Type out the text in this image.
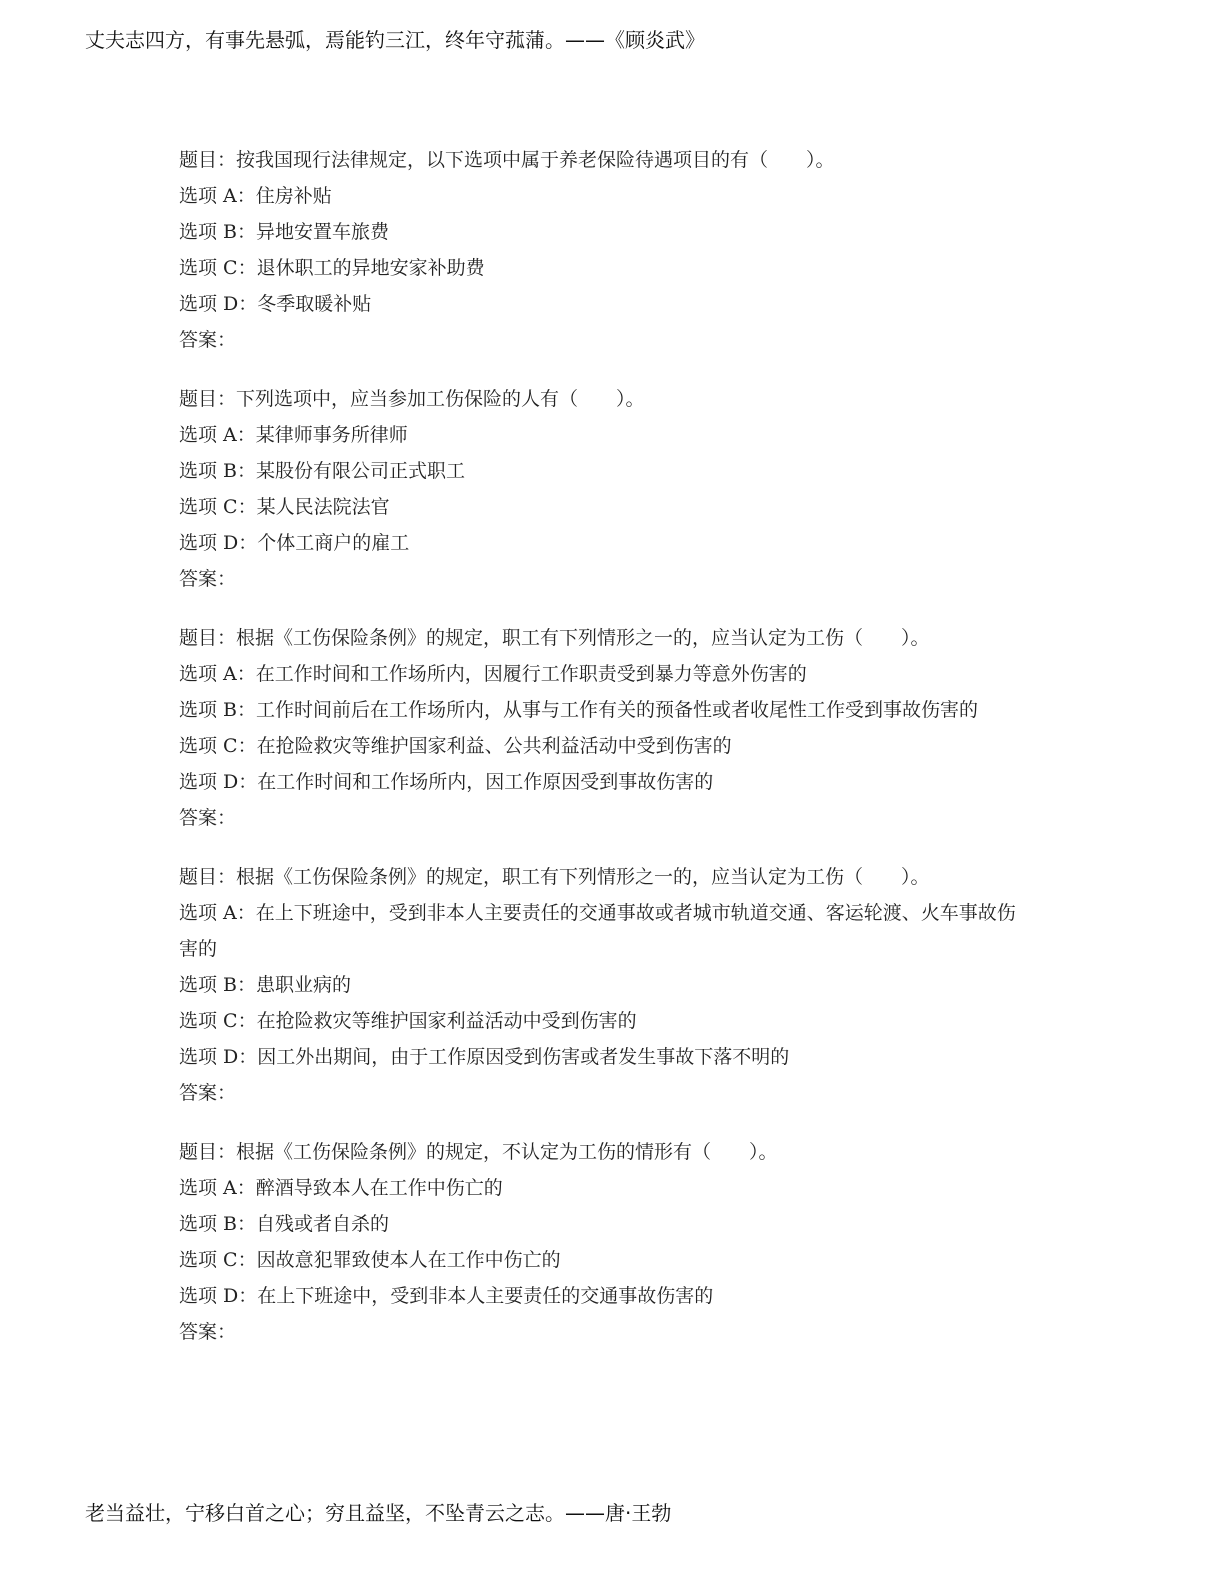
丈夫志四方，有事先悬弧，焉能钓三江，终年守菰蒲。——《顾炎武》

题目：按我国现行法律规定，以下选项中属于养老保险待遇项目的有（　　）。

选项 A：住房补贴

选项 B：异地安置车旅费

选项 C：退休职工的异地安家补助费

选项 D：冬季取暖补贴

答案：

题目：下列选项中，应当参加工伤保险的人有（　　）。

选项 A：某律师事务所律师

选项 B：某股份有限公司正式职工

选项 C：某人民法院法官

选项 D：个体工商户的雇工

答案：

题目：根据《工伤保险条例》的规定，职工有下列情形之一的，应当认定为工伤（　　）。

选项 A：在工作时间和工作场所内，因履行工作职责受到暴力等意外伤害的

选项 B：工作时间前后在工作场所内，从事与工作有关的预备性或者收尾性工作受到事故伤害的

选项 C：在抢险救灾等维护国家利益、公共利益活动中受到伤害的

选项 D：在工作时间和工作场所内，因工作原因受到事故伤害的

答案：

题目：根据《工伤保险条例》的规定，职工有下列情形之一的，应当认定为工伤（　　）。

选项 A：在上下班途中，受到非本人主要责任的交通事故或者城市轨道交通、客运轮渡、火车事故伤害的

选项 B：患职业病的

选项 C：在抢险救灾等维护国家利益活动中受到伤害的

选项 D：因工外出期间，由于工作原因受到伤害或者发生事故下落不明的

答案：

题目：根据《工伤保险条例》的规定，不认定为工伤的情形有（　　）。

选项 A：醉酒导致本人在工作中伤亡的

选项 B：自残或者自杀的

选项 C：因故意犯罪致使本人在工作中伤亡的

选项 D：在上下班途中，受到非本人主要责任的交通事故伤害的

答案：

老当益壮，宁移白首之心；穷且益坚，不坠青云之志。——唐·王勃
